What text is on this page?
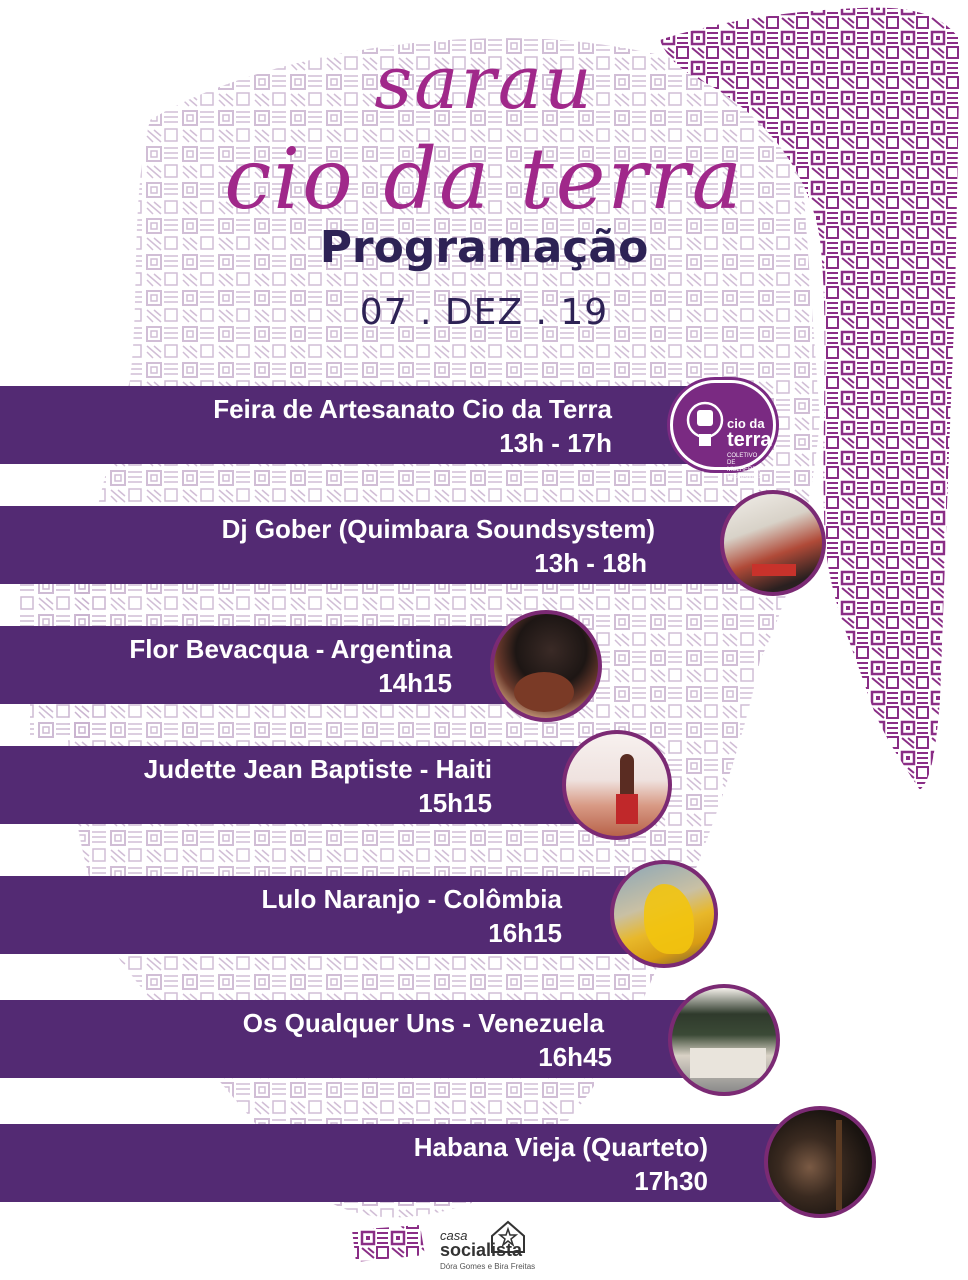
sarau
cio da terra
Programação
07 . DEZ . 19
Feira de Artesanato Cio da Terra
13h - 17h
cio da
terra
COLETIVO DE MULHERES MIGRANTES
Dj Gober (Quimbara Soundsystem)
13h - 18h
Flor Bevacqua - Argentina
14h15
Judette Jean Baptiste - Haiti
15h15
Lulo Naranjo - Colômbia
16h15
Os Qualquer Uns - Venezuela
16h45
Habana Vieja (Quarteto)
17h30
casa
socialista
Dóra Gomes e Bira Freitas
